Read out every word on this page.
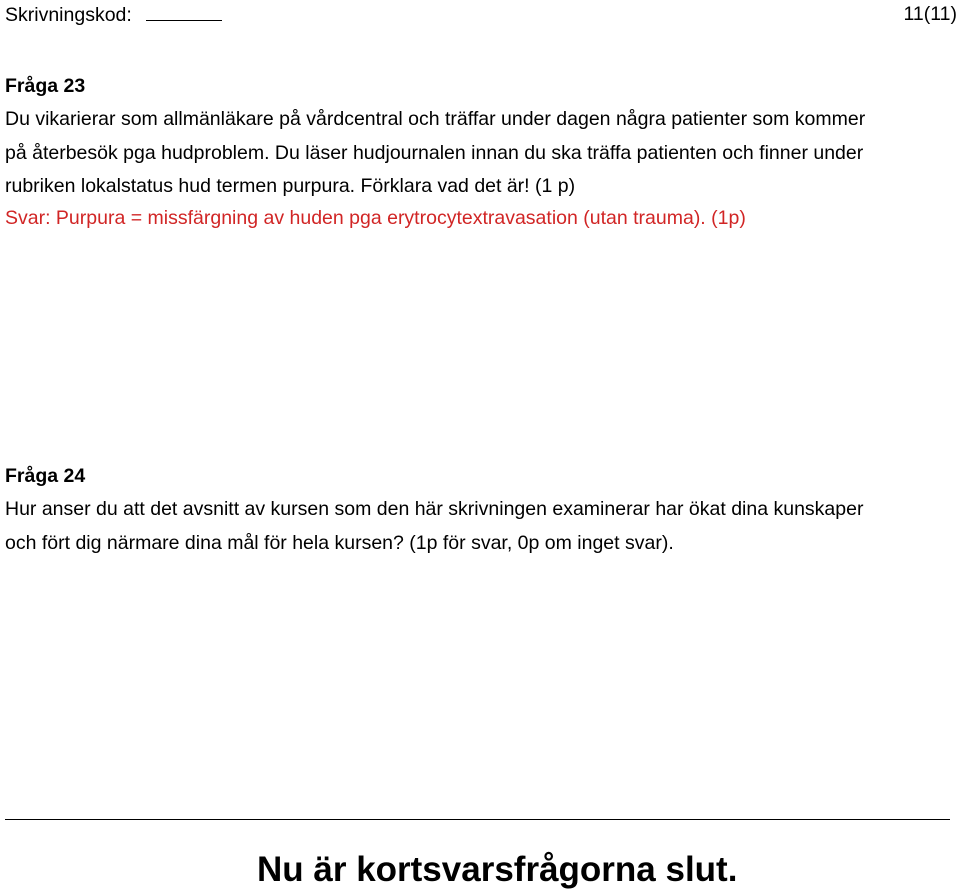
Skrivningskod:	11(11)
Fråga 23
Du vikarierar som allmänläkare på vårdcentral och träffar under dagen några patienter som kommer
på återbesök pga hudproblem. Du läser hudjournalen innan du ska träffa patienten och finner under
rubriken lokalstatus hud termen purpura. Förklara vad det är! (1 p)
Svar: Purpura = missfärgning av huden pga erytrocytextravasation (utan trauma). (1p)
Fråga 24
Hur anser du att det avsnitt av kursen som den här skrivningen examinerar har ökat dina kunskaper
och fört dig närmare dina mål för hela kursen? (1p för svar, 0p om inget svar).
Nu är kortsvarsfrågorna slut.
